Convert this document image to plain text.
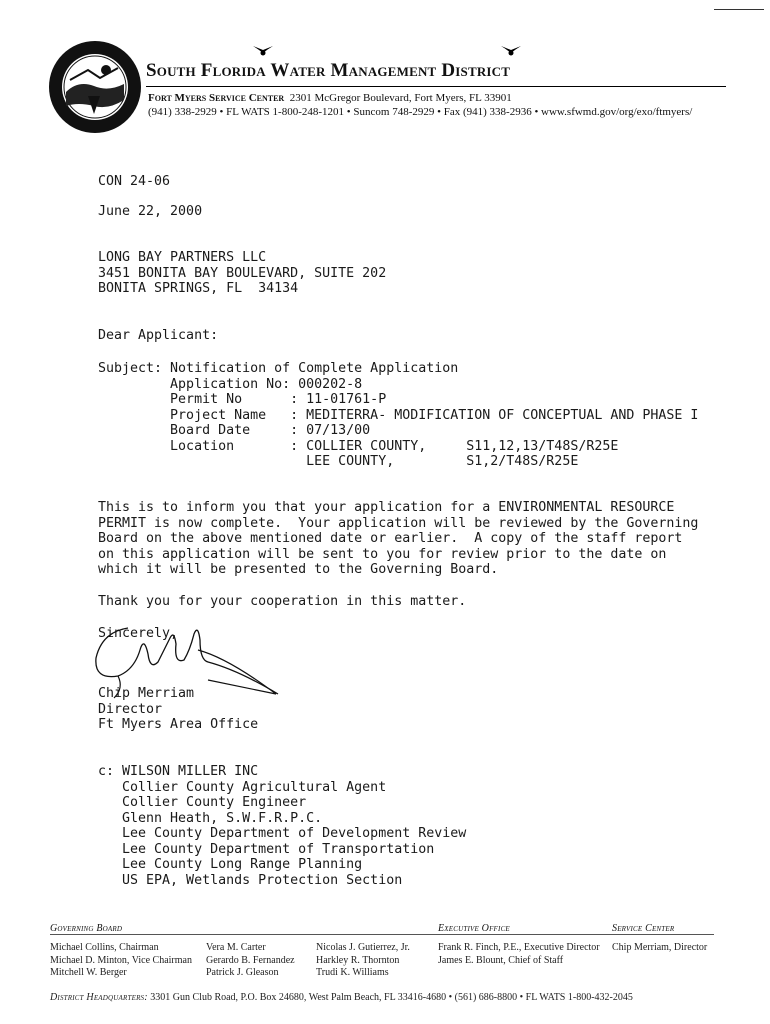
South Florida Water Management District
Fort Myers Service Center 2301 McGregor Boulevard, Fort Myers, FL 33901
(941) 338-2929 • FL WATS 1-800-248-1201 • Suncom 748-2929 • Fax (941) 338-2936 • www.sfwmd.gov/org/exo/ftmyers/
CON 24-06
June 22, 2000
LONG BAY PARTNERS LLC
3451 BONITA BAY BOULEVARD, SUITE 202
BONITA SPRINGS, FL  34134
Dear Applicant:
Subject: Notification of Complete Application
Application No: 000202-8
Permit No      : 11-01761-P
Project Name   : MEDITERRA- MODIFICATION OF CONCEPTUAL AND PHASE I
Board Date     : 07/13/00
Location       : COLLIER COUNTY,     S11,12,13/T48S/R25E
LEE COUNTY,         S1,2/T48S/R25E
This is to inform you that your application for a ENVIRONMENTAL RESOURCE
PERMIT is now complete.  Your application will be reviewed by the Governing
Board on the above mentioned date or earlier.  A copy of the staff report
on this application will be sent to you for review prior to the date on
which it will be presented to the Governing Board.
Thank you for your cooperation in this matter.
Sincerely,
Chip Merriam
Director
Ft Myers Area Office
c: WILSON MILLER INC
Collier County Agricultural Agent
Collier County Engineer
Glenn Heath, S.W.F.R.P.C.
Lee County Department of Development Review
Lee County Department of Transportation
Lee County Long Range Planning
US EPA, Wetlands Protection Section
Governing Board	Executive Office	Service Center
Michael Collins, Chairman
Michael D. Minton, Vice Chairman
Mitchell W. Berger
Vera M. Carter
Gerardo B. Fernandez
Patrick J. Gleason
Nicolas J. Gutierrez, Jr.
Harkley R. Thornton
Trudi K. Williams
Frank R. Finch, P.E., Executive Director
James E. Blount, Chief of Staff
Chip Merriam, Director
District Headquarters: 3301 Gun Club Road, P.O. Box 24680, West Palm Beach, FL 33416-4680 • (561) 686-8800 • FL WATS 1-800-432-2045
